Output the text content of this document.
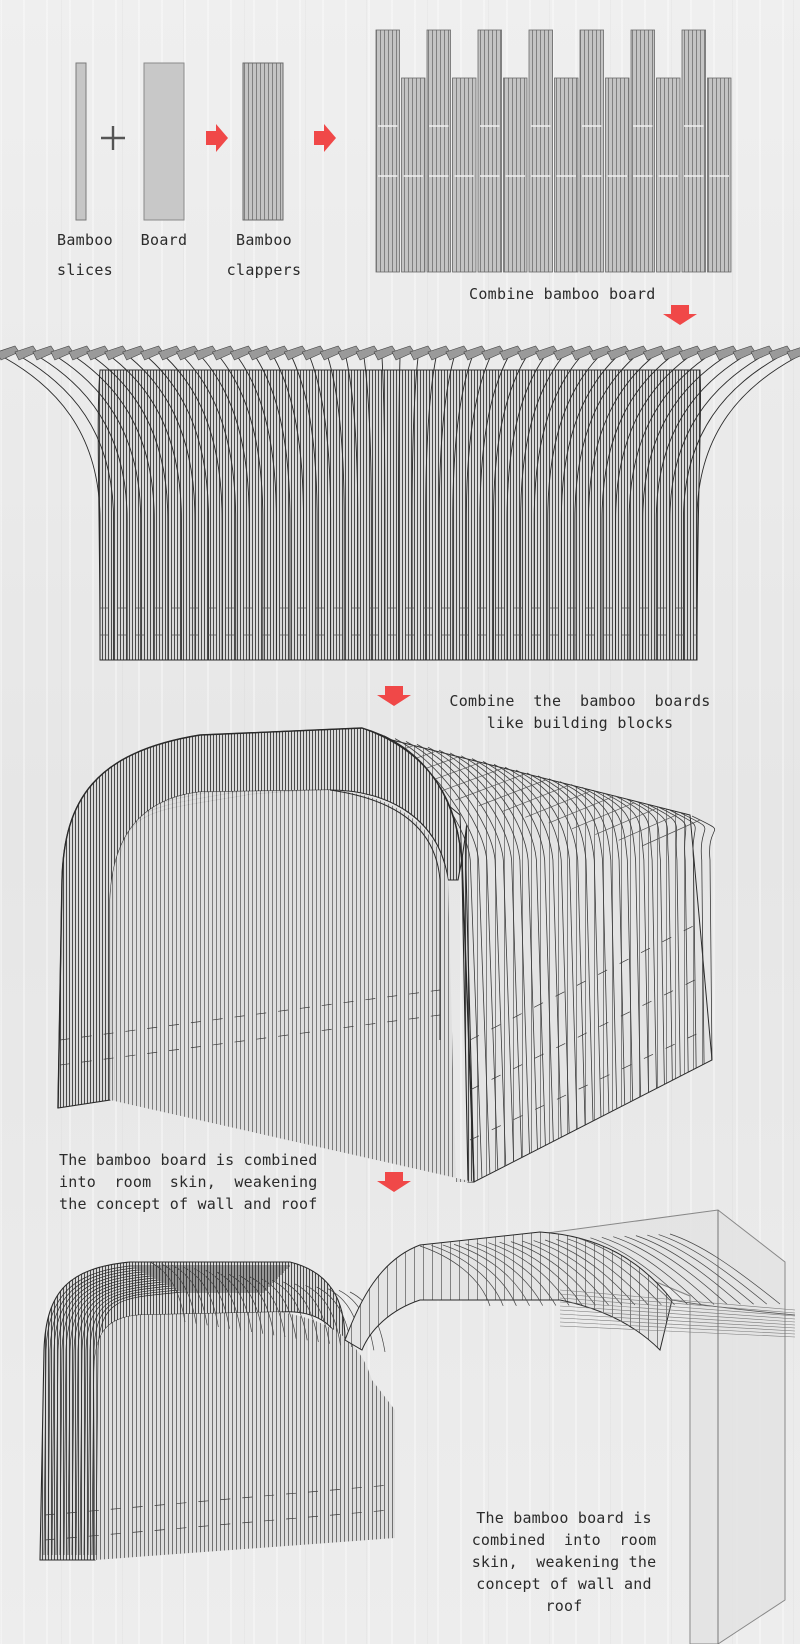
Bamboo
slices
Board	Bamboo
clappers
Combine bamboo board
Combine  the  bamboo  boards
like building blocks
The bamboo board is combined
into  room  skin,  weakening
the concept of wall and roof
The bamboo board is
combined  into  room
skin,  weakening the
concept of wall and
roof
